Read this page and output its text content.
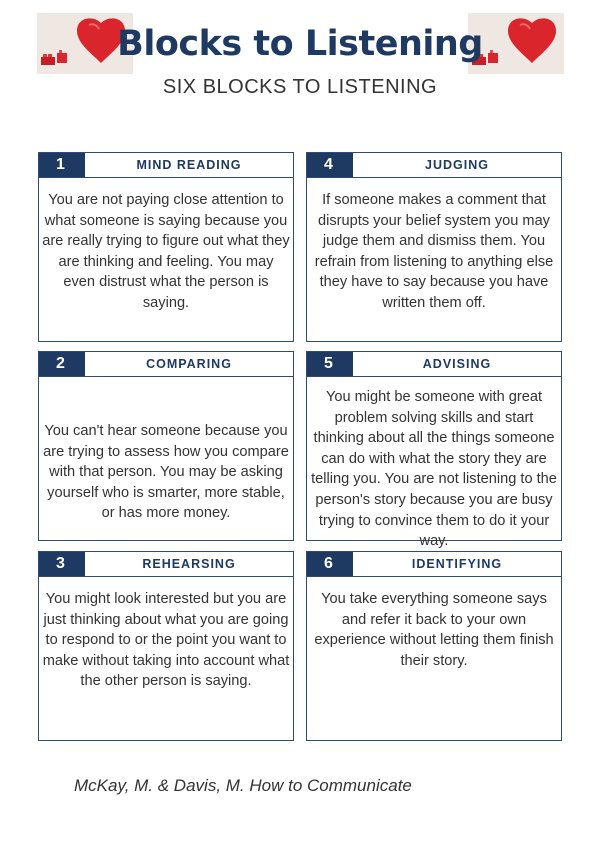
Blocks to Listening
SIX BLOCKS TO LISTENING
1	MIND READING
You are not paying close attention to what someone is saying because you are really trying to figure out what they are thinking and feeling. You may even distrust what the person is saying.
4	JUDGING
If someone makes a comment that disrupts your belief system you may judge them and dismiss them. You refrain from listening to anything else they have to say because you have written them off.
2	COMPARING
You can't hear someone because you are trying to assess how you compare with that person. You may be asking yourself who is smarter, more stable, or has more money.
5	ADVISING
You might be someone with great problem solving skills and start thinking about all the things someone can do with what the story they are telling you. You are not listening to the person's story because you are busy trying to convince them to do it your way.
3	REHEARSING
You might look interested but you are just thinking about what you are going to respond to or the point you want to make without taking into account what the other person is saying.
6	IDENTIFYING
You take everything someone says and refer it back to your own experience without letting them finish their story.
McKay, M. & Davis, M. How to Communicate
